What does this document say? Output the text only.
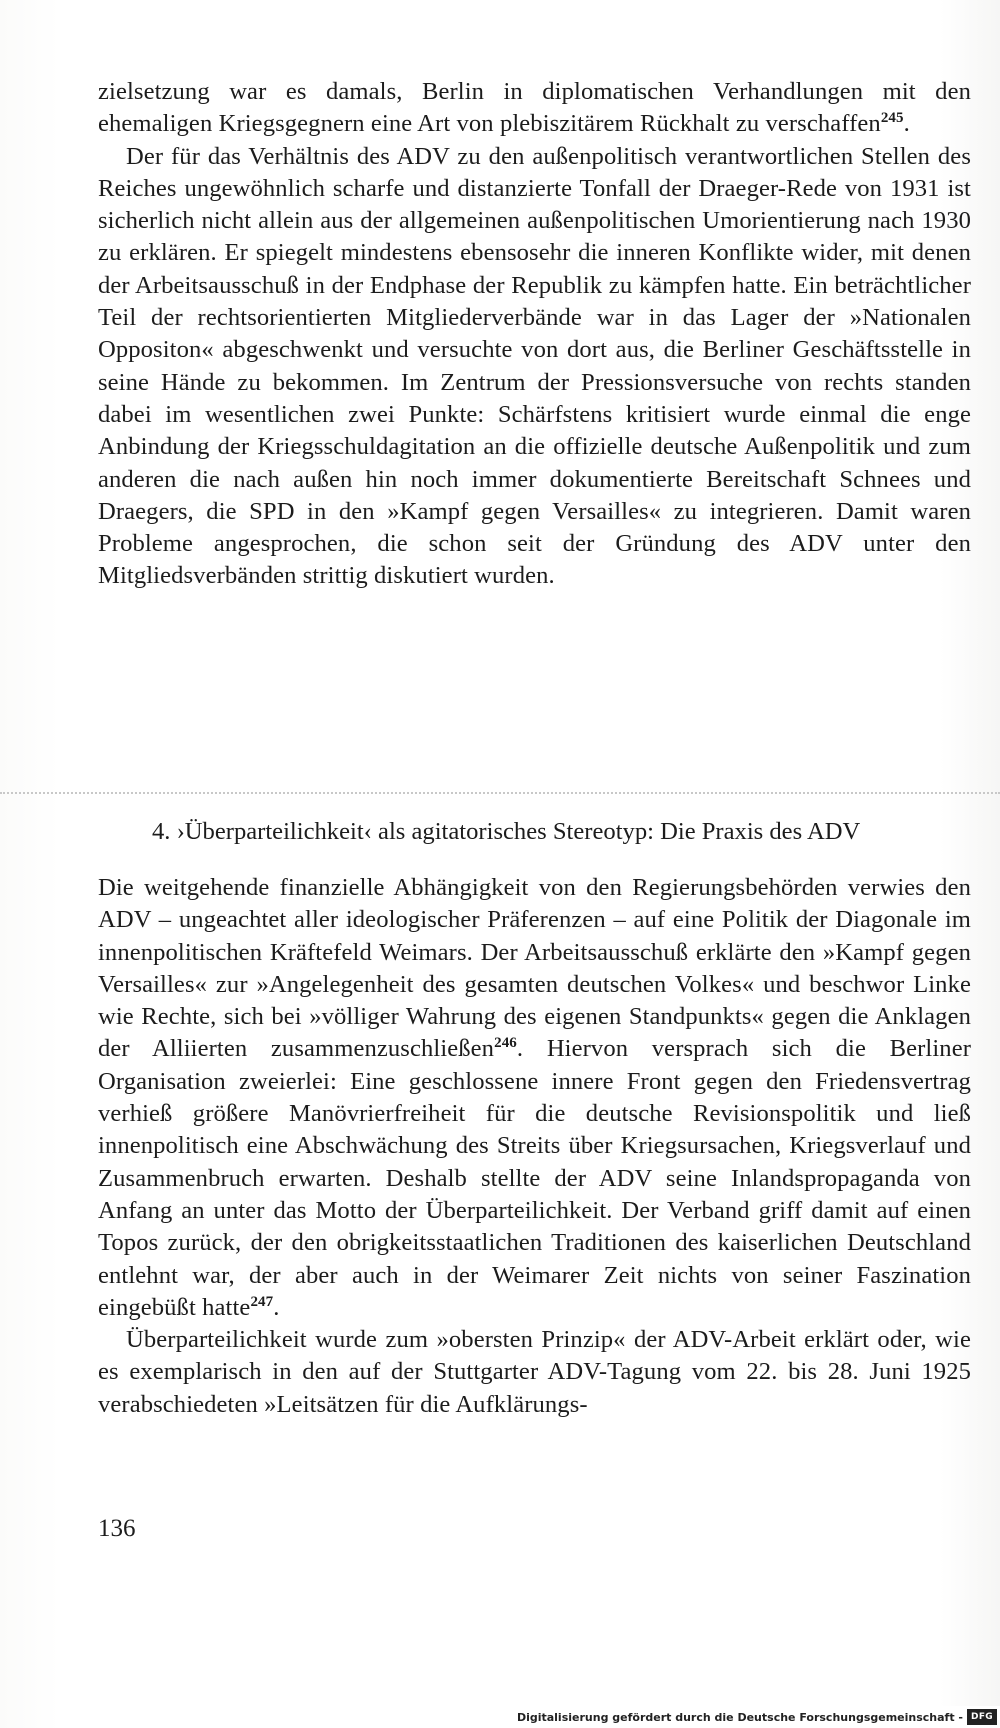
zielsetzung war es damals, Berlin in diplomatischen Verhandlungen mit den ehemaligen Kriegsgegnern eine Art von plebiszitärem Rückhalt zu verschaffen$^{245}$.

Der für das Verhältnis des ADV zu den außenpolitisch verantwortlichen Stellen des Reiches ungewöhnlich scharfe und distanzierte Tonfall der Draeger-Rede von 1931 ist sicherlich nicht allein aus der allgemeinen außenpolitischen Umorientierung nach 1930 zu erklären. Er spiegelt mindestens ebensosehr die inneren Konflikte wider, mit denen der Arbeitsausschuß in der Endphase der Republik zu kämpfen hatte. Ein beträchtlicher Teil der rechtsorientierten Mitgliederverbände war in das Lager der »Nationalen Oppositon« abgeschwenkt und versuchte von dort aus, die Berliner Geschäftsstelle in seine Hände zu bekommen. Im Zentrum der Pressionsversuche von rechts standen dabei im wesentlichen zwei Punkte: Schärfstens kritisiert wurde einmal die enge Anbindung der Kriegsschuldagitation an die offizielle deutsche Außenpolitik und zum anderen die nach außen hin noch immer dokumentierte Bereitschaft Schnees und Draegers, die SPD in den »Kampf gegen Versailles« zu integrieren. Damit waren Probleme angesprochen, die schon seit der Gründung des ADV unter den Mitgliedsverbänden strittig diskutiert wurden.

4. ›Überparteilichkeit‹ als agitatorisches Stereotyp: Die Praxis des ADV

Die weitgehende finanzielle Abhängigkeit von den Regierungsbehörden verwies den ADV – ungeachtet aller ideologischer Präferenzen – auf eine Politik der Diagonale im innenpolitischen Kräftefeld Weimars. Der Arbeitsausschuß erklärte den »Kampf gegen Versailles« zur »Angelegenheit des gesamten deutschen Volkes« und beschwor Linke wie Rechte, sich bei »völliger Wahrung des eigenen Standpunkts« gegen die Anklagen der Alliierten zusammenzuschließen$^{246}$. Hiervon versprach sich die Berliner Organisation zweierlei: Eine geschlossene innere Front gegen den Friedensvertrag verhieß größere Manövrierfreiheit für die deutsche Revisionspolitik und ließ innenpolitisch eine Abschwächung des Streits über Kriegsursachen, Kriegsverlauf und Zusammenbruch erwarten. Deshalb stellte der ADV seine Inlandspropaganda von Anfang an unter das Motto der Überparteilichkeit. Der Verband griff damit auf einen Topos zurück, der den obrigkeitsstaatlichen Traditionen des kaiserlichen Deutschland entlehnt war, der aber auch in der Weimarer Zeit nichts von seiner Faszination eingebüßt hatte$^{247}$.

Überparteilichkeit wurde zum »obersten Prinzip« der ADV-Arbeit erklärt oder, wie es exemplarisch in den auf der Stuttgarter ADV-Tagung vom 22. bis 28. Juni 1925 verabschiedeten »Leitsätzen für die Aufklärungs-

136
Digitalisierung gefördert durch die Deutsche Forschungsgemeinschaft - DFG
